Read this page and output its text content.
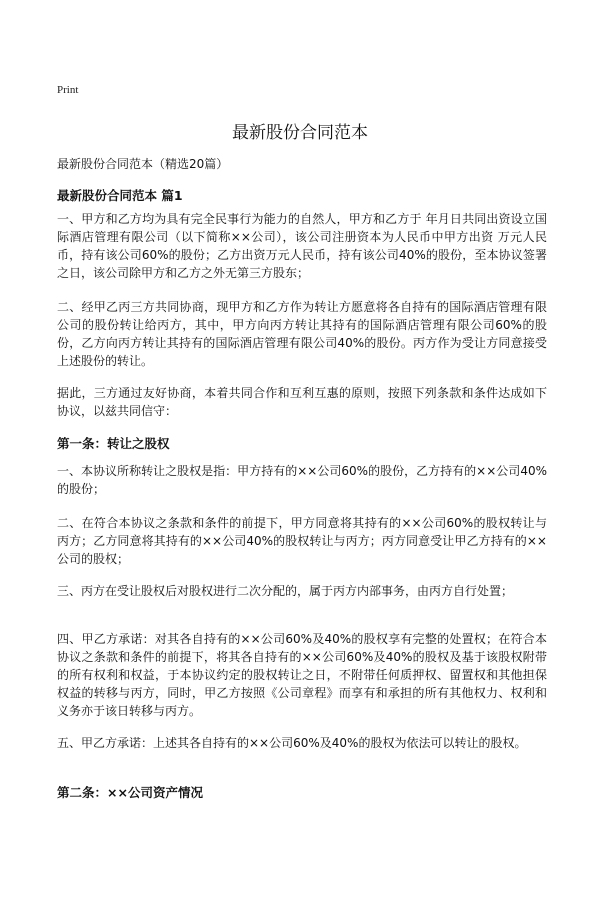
Print
最新股份合同范本
最新股份合同范本（精选20篇）
最新股份合同范本 篇1
一、甲方和乙方均为具有完全民事行为能力的自然人，甲方和乙方于 年月日共同出资设立国际酒店管理有限公司（以下简称××公司），该公司注册资本为人民币中甲方出资 万元人民币，持有该公司60%的股份；乙方出资万元人民币，持有该公司40%的股份，至本协议签署之日，该公司除甲方和乙方之外无第三方股东；
二、经甲乙丙三方共同协商，现甲方和乙方作为转让方愿意将各自持有的国际酒店管理有限公司的股份转让给丙方，其中，甲方向丙方转让其持有的国际酒店管理有限公司60%的股份，乙方向丙方转让其持有的国际酒店管理有限公司40%的股份。丙方作为受让方同意接受上述股份的转让。
据此，三方通过友好协商，本着共同合作和互利互惠的原则，按照下列条款和条件达成如下协议，以兹共同信守：
第一条：转让之股权
一、本协议所称转让之股权是指：甲方持有的××公司60%的股份，乙方持有的××公司40%的股份；
二、在符合本协议之条款和条件的前提下，甲方同意将其持有的××公司60%的股权转让与丙方；乙方同意将其持有的××公司40%的股权转让与丙方；丙方同意受让甲乙方持有的××公司的股权；
三、丙方在受让股权后对股权进行二次分配的，属于丙方内部事务，由丙方自行处置；
四、甲乙方承诺：对其各自持有的××公司60%及40%的股权享有完整的处置权；在符合本协议之条款和条件的前提下，将其各自持有的××公司60%及40%的股权及基于该股权附带的所有权利和权益，于本协议约定的股权转让之日，不附带任何质押权、留置权和其他担保权益的转移与丙方，同时，甲乙方按照《公司章程》而享有和承担的所有其他权力、权利和义务亦于该日转移与丙方。
五、甲乙方承诺：上述其各自持有的××公司60%及40%的股权为依法可以转让的股权。
第二条：××公司资产情况
